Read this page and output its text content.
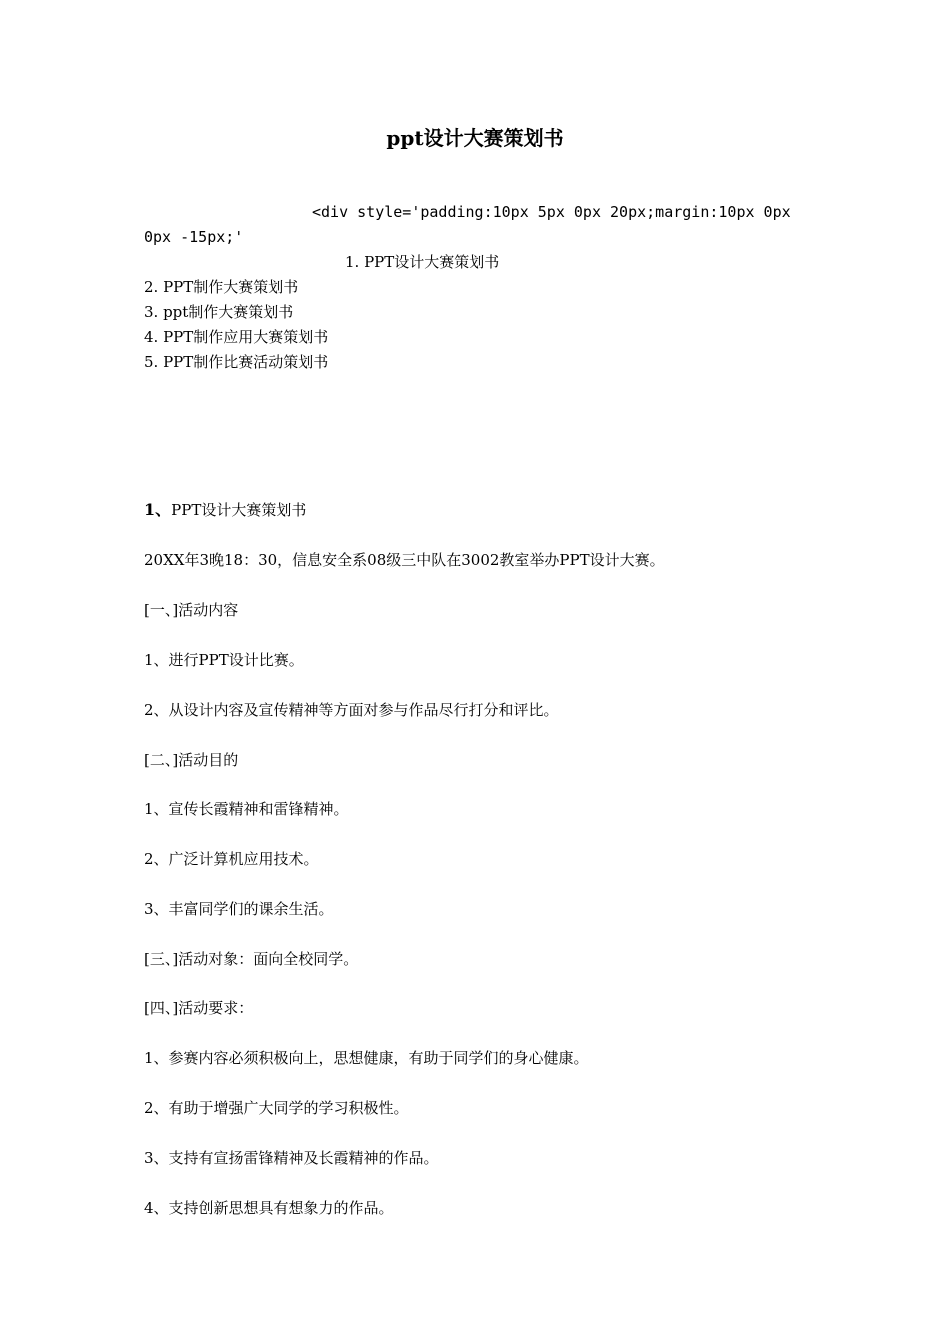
ppt设计大赛策划书
<div style='padding:10px 5px 0px 20px;margin:10px 0px
0px -15px;'
1. PPT设计大赛策划书
2. PPT制作大赛策划书
3. ppt制作大赛策划书
4. PPT制作应用大赛策划书
5. PPT制作比赛活动策划书
1、PPT设计大赛策划书
20XX年3晚18：30，信息安全系08级三中队在3002教室举办PPT设计大赛。
[一、]活动内容
1、进行PPT设计比赛。
2、从设计内容及宣传精神等方面对参与作品尽行打分和评比。
[二、]活动目的
1、宣传长霞精神和雷锋精神。
2、广泛计算机应用技术。
3、丰富同学们的课余生活。
[三、]活动对象：面向全校同学。
[四、]活动要求：
1、参赛内容必须积极向上，思想健康，有助于同学们的身心健康。
2、有助于增强广大同学的学习积极性。
3、支持有宣扬雷锋精神及长霞精神的作品。
4、支持创新思想具有想象力的作品。
